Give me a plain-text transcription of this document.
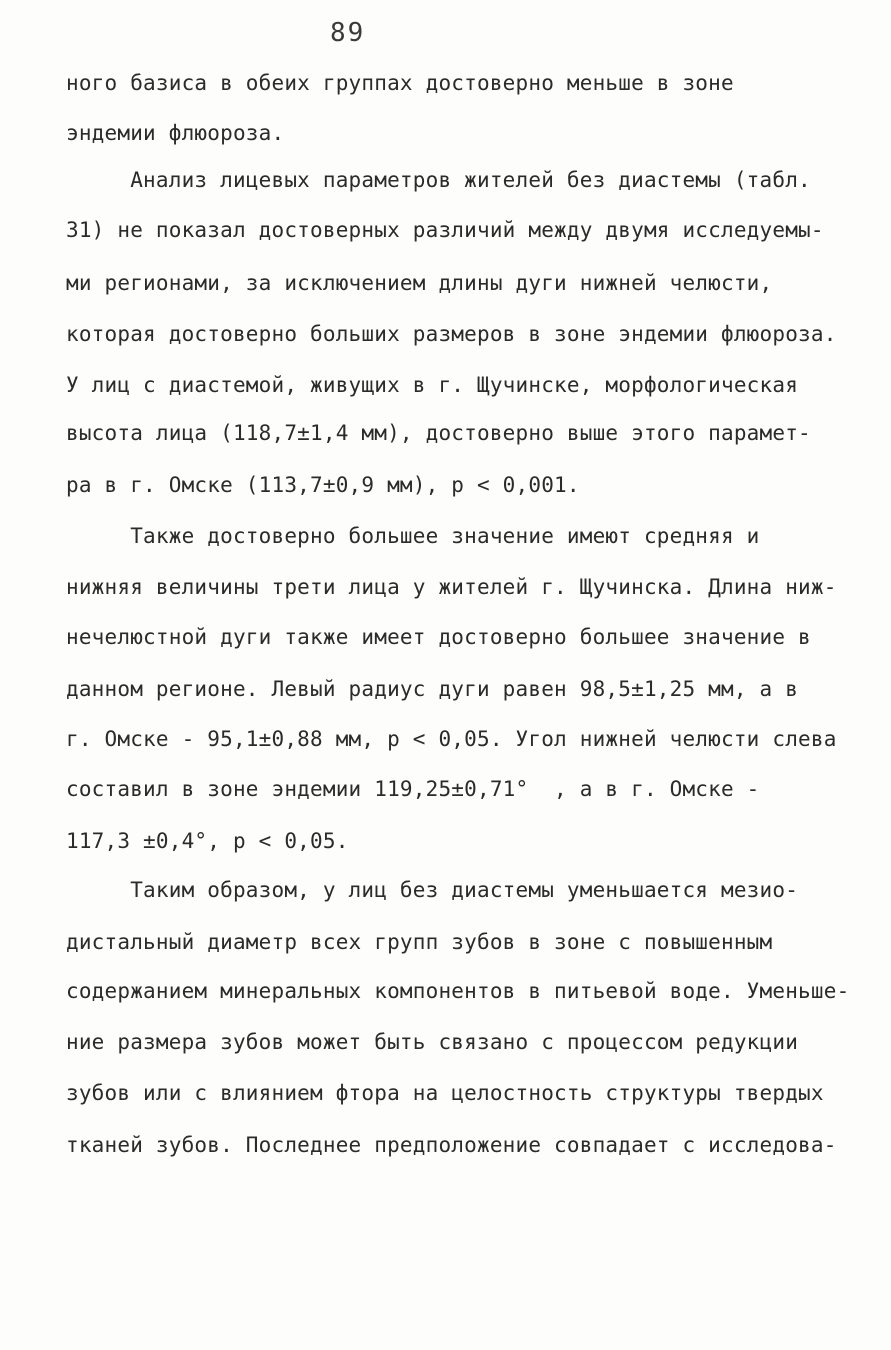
89
ного базиса в обеих группах достоверно меньше в зоне
эндемии флюороза.
Анализ лицевых параметров жителей без диастемы (табл.
31) не показал достоверных различий между двумя исследуемы-
ми регионами, за исключением длины дуги нижней челюсти,
которая достоверно больших размеров в зоне эндемии флюороза.
У лиц с диастемой, живущих в г. Щучинске, морфологическая
высота лица (118,7±1,4 мм), достоверно выше этого парамет-
ра в г. Омске (113,7±0,9 мм), р < 0,001.
Также достоверно большее значение имеют средняя и
нижняя величины трети лица у жителей г. Щучинска. Длина ниж-
нечелюстной дуги также имеет достоверно большее значение в
данном регионе. Левый радиус дуги равен 98,5±1,25 мм, а в
г. Омске - 95,1±0,88 мм, р < 0,05. Угол нижней челюсти слева
составил в зоне эндемии 119,25±0,71°  , а в г. Омске -
117,3 ±0,4°, р < 0,05.
Таким образом, у лиц без диастемы уменьшается мезио-
дистальный диаметр всех групп зубов в зоне с повышенным
содержанием минеральных компонентов в питьевой воде. Уменьше-
ние размера зубов может быть связано с процессом редукции
зубов или с влиянием фтора на целостность структуры твердых
тканей зубов. Последнее предположение совпадает с исследова-
